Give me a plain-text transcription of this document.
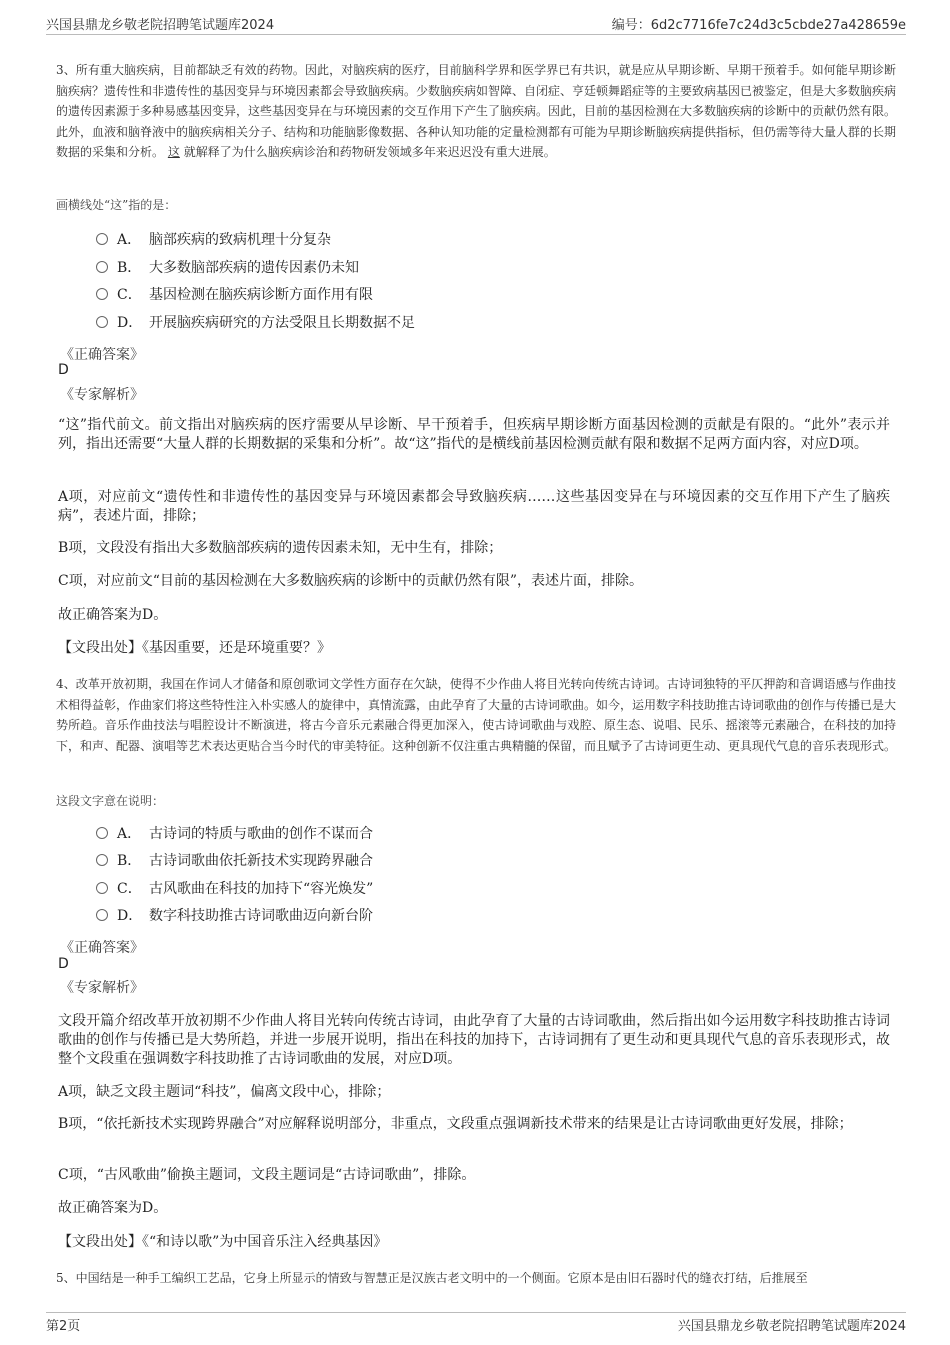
兴国县鼎龙乡敬老院招聘笔试题库2024	编号：6d2c7716fe7c24d3c5cbde27a428659e
3、所有重大脑疾病，目前都缺乏有效的药物。因此，对脑疾病的医疗，目前脑科学界和医学界已有共识，就是应从早期诊断、早期干预着手。如何能早期诊断脑疾病？遗传性和非遗传性的基因变异与环境因素都会导致脑疾病。少数脑疾病如智障、自闭症、亨廷顿舞蹈症等的主要致病基因已被鉴定，但是大多数脑疾病的遗传因素源于多种易感基因变异，这些基因变异在与环境因素的交互作用下产生了脑疾病。因此，目前的基因检测在大多数脑疾病的诊断中的贡献仍然有限。此外，血液和脑脊液中的脑疾病相关分子、结构和功能脑影像数据、各种认知功能的定量检测都有可能为早期诊断脑疾病提供指标，但仍需等待大量人群的长期数据的采集和分析。 这 就解释了为什么脑疾病诊治和药物研发领域多年来迟迟没有重大进展。
画横线处“这”指的是：
A． 脑部疾病的致病机理十分复杂
B． 大多数脑部疾病的遗传因素仍未知
C． 基因检测在脑疾病诊断方面作用有限
D． 开展脑疾病研究的方法受限且长期数据不足
《正确答案》
D
《专家解析》
“这”指代前文。前文指出对脑疾病的医疗需要从早诊断、早干预着手，但疾病早期诊断方面基因检测的贡献是有限的。“此外”表示并列，指出还需要“大量人群的长期数据的采集和分析”。故“这”指代的是横线前基因检测贡献有限和数据不足两方面内容，对应D项。
A项，对应前文“遗传性和非遗传性的基因变异与环境因素都会导致脑疾病……这些基因变异在与环境因素的交互作用下产生了脑疾病”，表述片面，排除；
B项，文段没有指出大多数脑部疾病的遗传因素未知，无中生有，排除；
C项，对应前文“目前的基因检测在大多数脑疾病的诊断中的贡献仍然有限”，表述片面，排除。
故正确答案为D。
【文段出处】《基因重要，还是环境重要？》
4、改革开放初期，我国在作词人才储备和原创歌词文学性方面存在欠缺，使得不少作曲人将目光转向传统古诗词。古诗词独特的平仄押韵和音调语感与作曲技术相得益彰，作曲家们将这些特性注入朴实感人的旋律中，真情流露，由此孕育了大量的古诗词歌曲。如今，运用数字科技助推古诗词歌曲的创作与传播已是大势所趋。音乐作曲技法与唱腔设计不断演进，将古今音乐元素融合得更加深入，使古诗词歌曲与戏腔、原生态、说唱、民乐、摇滚等元素融合，在科技的加持下，和声、配器、演唱等艺术表达更贴合当今时代的审美特征。这种创新不仅注重古典精髓的保留，而且赋予了古诗词更生动、更具现代气息的音乐表现形式。
这段文字意在说明：
A． 古诗词的特质与歌曲的创作不谋而合
B． 古诗词歌曲依托新技术实现跨界融合
C． 古风歌曲在科技的加持下“容光焕发”
D． 数字科技助推古诗词歌曲迈向新台阶
《正确答案》
D
《专家解析》
文段开篇介绍改革开放初期不少作曲人将目光转向传统古诗词，由此孕育了大量的古诗词歌曲，然后指出如今运用数字科技助推古诗词歌曲的创作与传播已是大势所趋，并进一步展开说明，指出在科技的加持下，古诗词拥有了更生动和更具现代气息的音乐表现形式，故整个文段重在强调数字科技助推了古诗词歌曲的发展，对应D项。
A项，缺乏文段主题词“科技”，偏离文段中心，排除；
B项，“依托新技术实现跨界融合”对应解释说明部分，非重点，文段重点强调新技术带来的结果是让古诗词歌曲更好发展，排除；
C项，“古风歌曲”偷换主题词，文段主题词是“古诗词歌曲”，排除。
故正确答案为D。
【文段出处】《“和诗以歌”为中国音乐注入经典基因》
5、中国结是一种手工编织工艺品，它身上所显示的情致与智慧正是汉族古老文明中的一个侧面。它原本是由旧石器时代的缝衣打结，后推展至
第2页	兴国县鼎龙乡敬老院招聘笔试题库2024
